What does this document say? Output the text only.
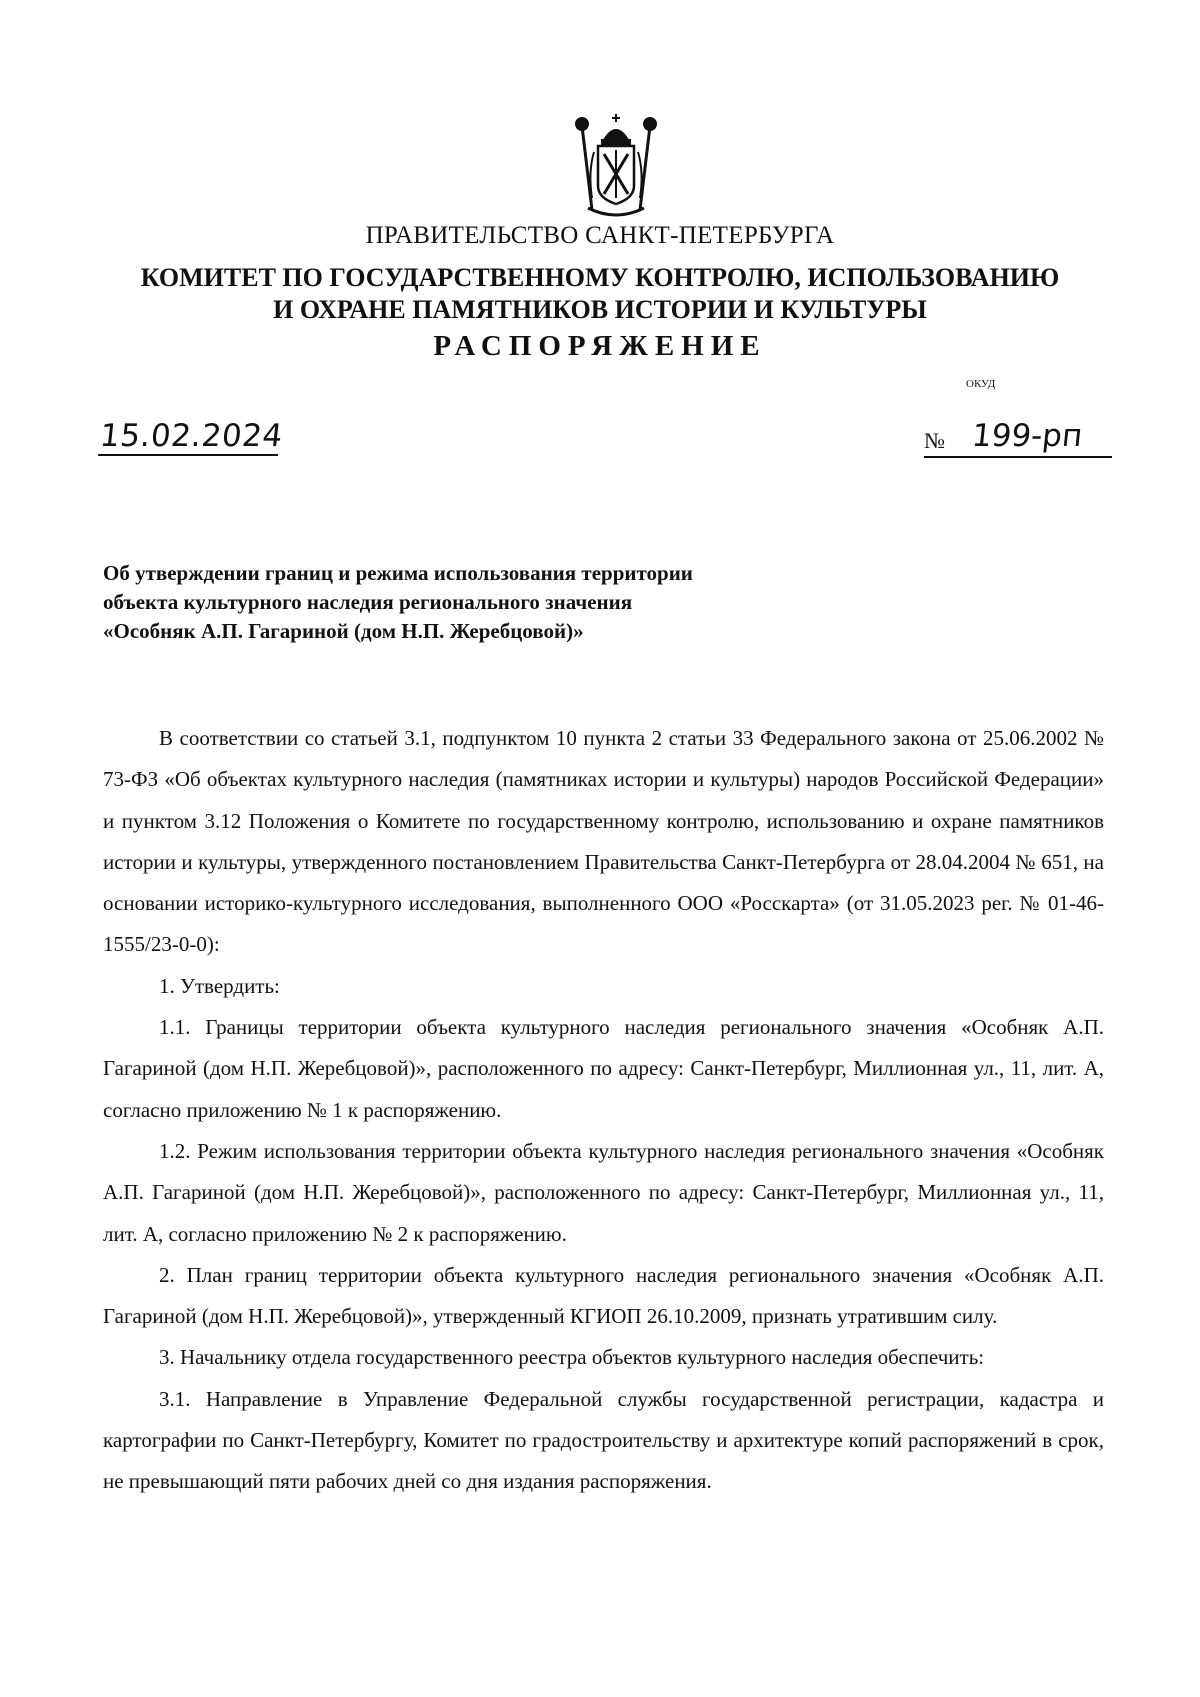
ПРАВИТЕЛЬСТВО САНКТ-ПЕТЕРБУРГА
КОМИТЕТ ПО ГОСУДАРСТВЕННОМУ КОНТРОЛЮ, ИСПОЛЬЗОВАНИЮ
И ОХРАНЕ ПАМЯТНИКОВ ИСТОРИИ И КУЛЬТУРЫ
РАСПОРЯЖЕНИЕ
ОКУД
15.02.2024	№ 199-рп
Об утверждении границ и режима использования территории
объекта культурного наследия регионального значения
«Особняк А.П. Гагариной (дом Н.П. Жеребцовой)»

В соответствии со статьей 3.1, подпунктом 10 пункта 2 статьи 33 Федерального закона от 25.06.2002 № 73-ФЗ «Об объектах культурного наследия (памятниках истории и культуры) народов Российской Федерации» и пунктом 3.12 Положения о Комитете по государственному контролю, использованию и охране памятников истории и культуры, утвержденного постановлением Правительства Санкт-Петербурга от 28.04.2004 № 651, на основании историко-культурного исследования, выполненного ООО «Росскарта» (от 31.05.2023 рег. № 01-46-1555/23-0-0):

1. Утвердить:

1.1. Границы территории объекта культурного наследия регионального значения «Особняк А.П. Гагариной (дом Н.П. Жеребцовой)», расположенного по адресу: Санкт-Петербург, Миллионная ул., 11, лит. А, согласно приложению № 1 к распоряжению.

1.2. Режим использования территории объекта культурного наследия регионального значения «Особняк А.П. Гагариной (дом Н.П. Жеребцовой)», расположенного по адресу: Санкт-Петербург, Миллионная ул., 11, лит. А, согласно приложению № 2 к распоряжению.

2. План границ территории объекта культурного наследия регионального значения «Особняк А.П. Гагариной (дом Н.П. Жеребцовой)», утвержденный КГИОП 26.10.2009, признать утратившим силу.

3. Начальнику отдела государственного реестра объектов культурного наследия обеспечить:

3.1. Направление в Управление Федеральной службы государственной регистрации, кадастра и картографии по Санкт-Петербургу, Комитет по градостроительству и архитектуре копий распоряжений в срок, не превышающий пяти рабочих дней со дня издания распоряжения.
